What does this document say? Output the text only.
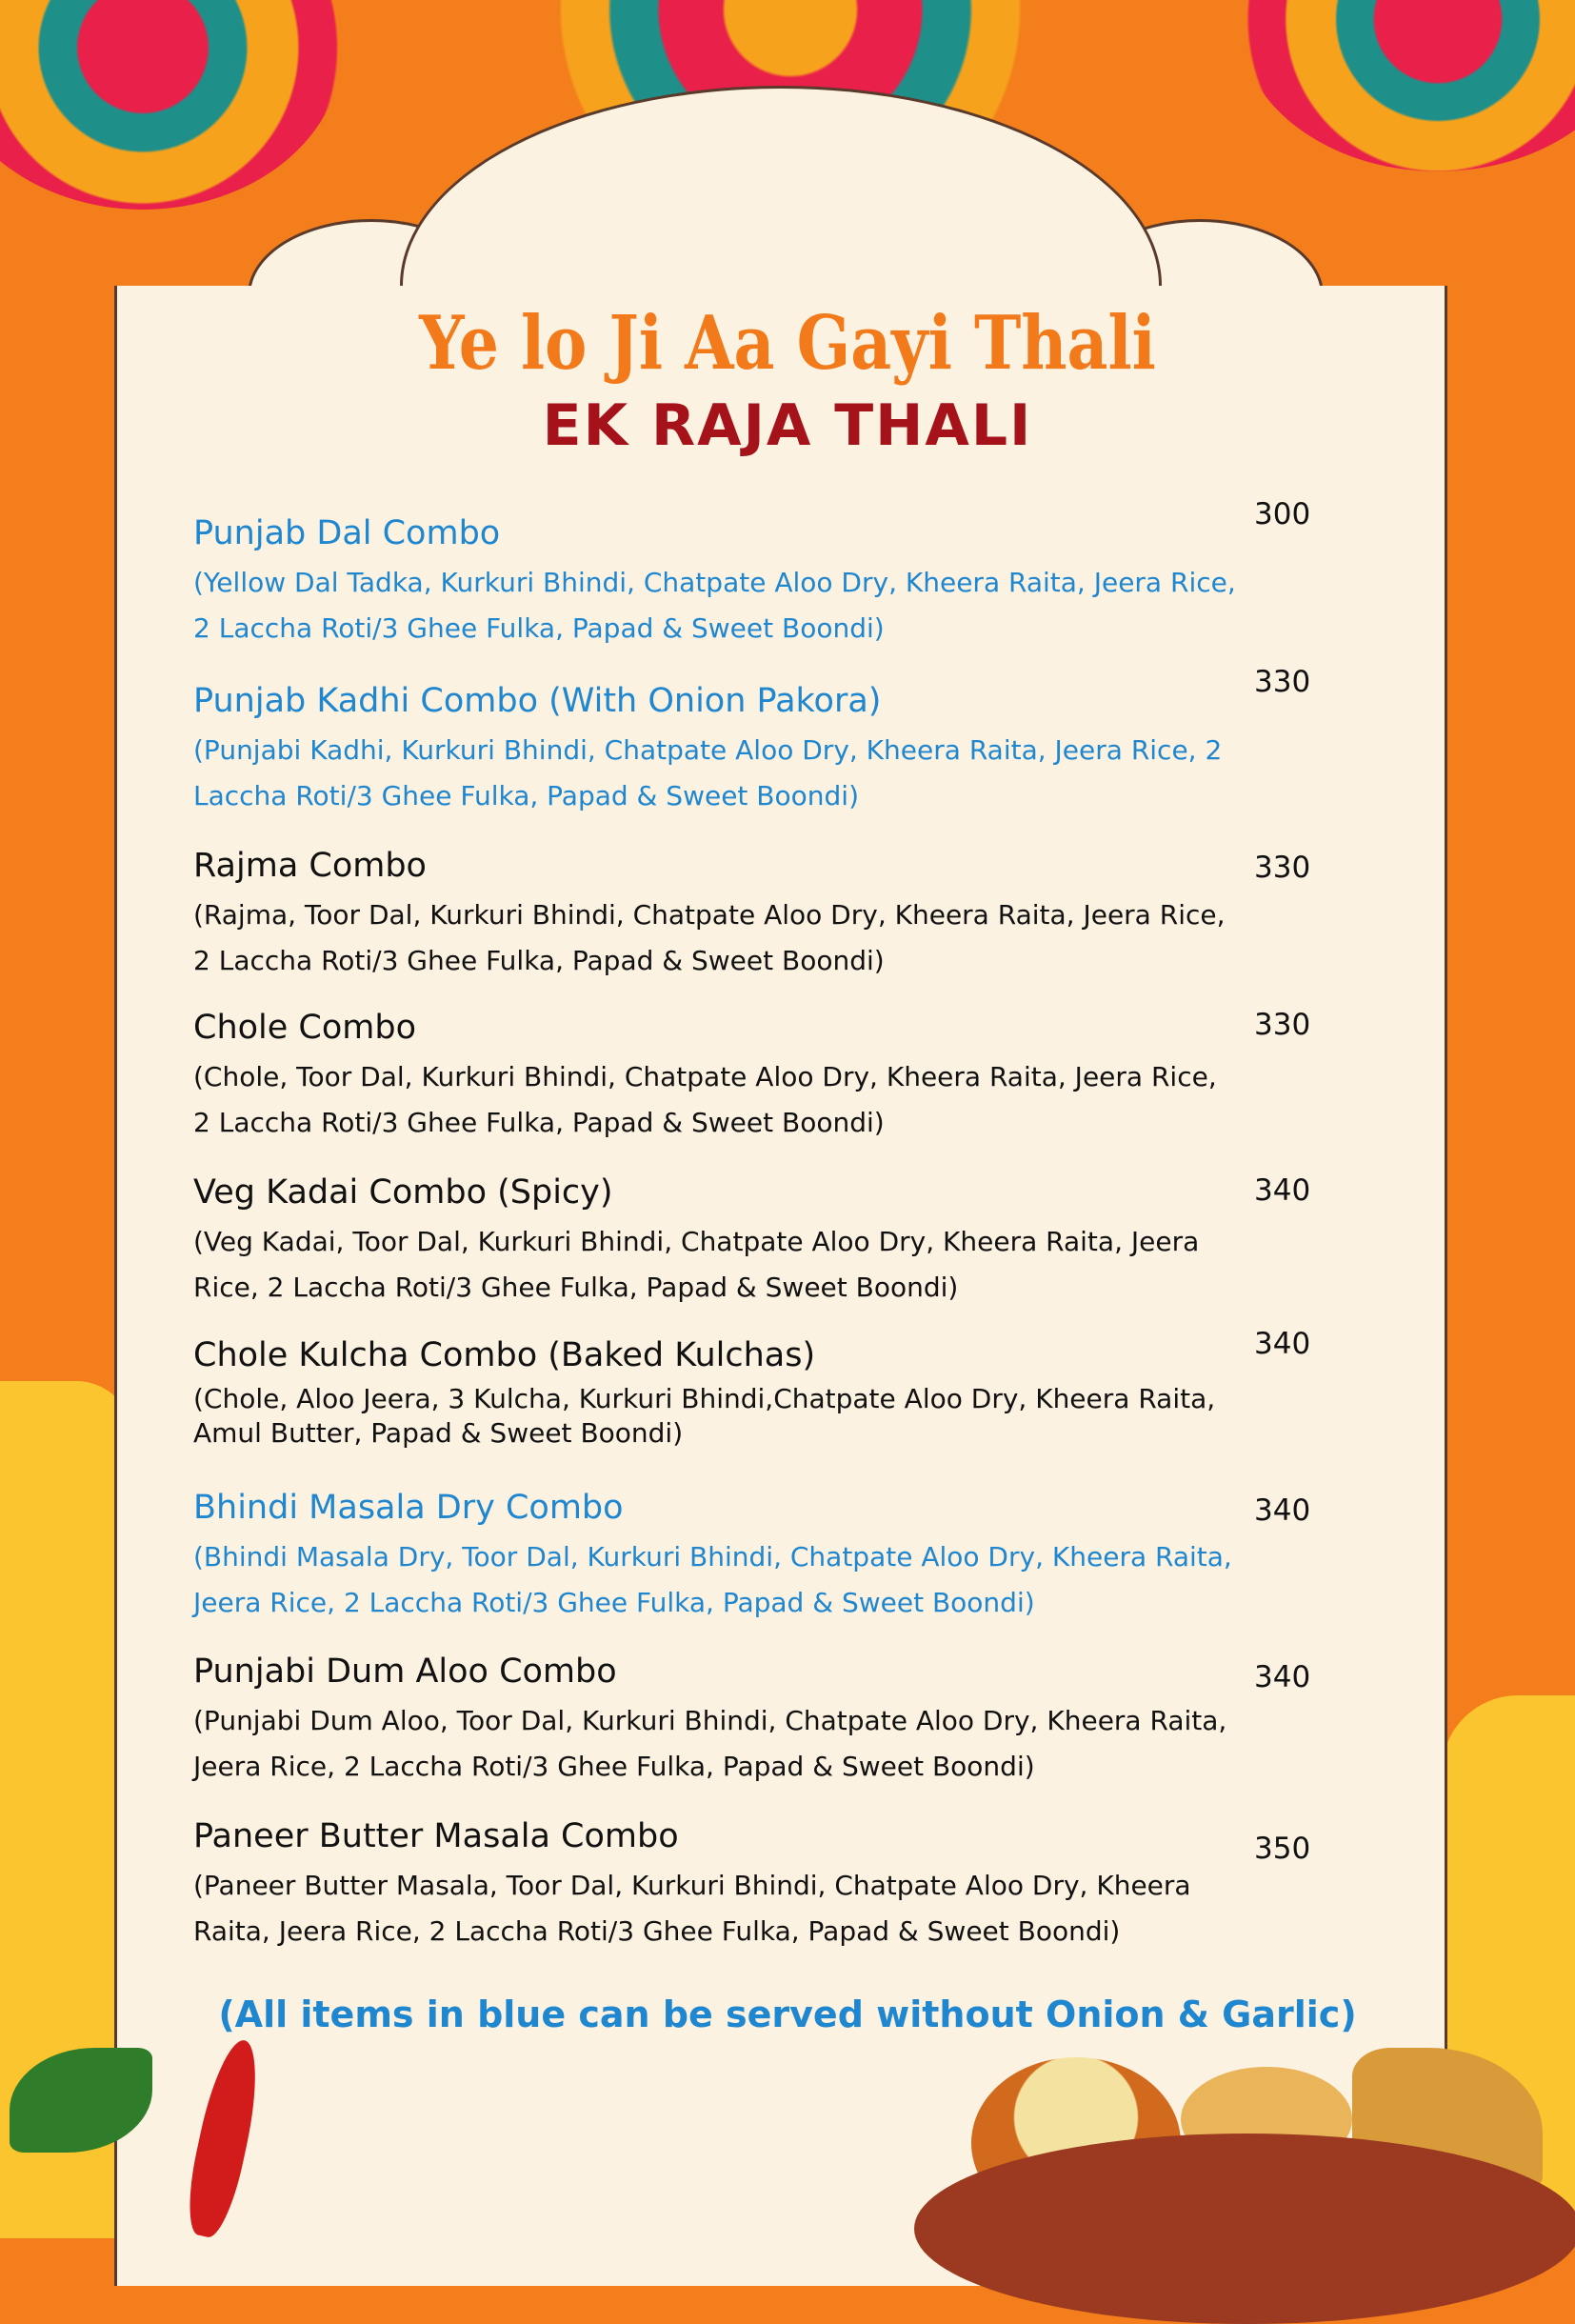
Ye lo Ji Aa Gayi Thali
EK RAJA THALI
Punjab Dal Combo
(Yellow Dal Tadka, Kurkuri Bhindi, Chatpate Aloo Dry, Kheera Raita, Jeera Rice, 2 Laccha Roti/3 Ghee Fulka, Papad & Sweet Boondi)
300
Punjab Kadhi Combo (With Onion Pakora)
(Punjabi Kadhi, Kurkuri Bhindi, Chatpate Aloo Dry, Kheera Raita, Jeera Rice, 2 Laccha Roti/3 Ghee Fulka, Papad & Sweet Boondi)
330
Rajma Combo
(Rajma, Toor Dal, Kurkuri Bhindi, Chatpate Aloo Dry, Kheera Raita, Jeera Rice, 2 Laccha Roti/3 Ghee Fulka, Papad & Sweet Boondi)
330
Chole Combo
(Chole, Toor Dal, Kurkuri Bhindi, Chatpate Aloo Dry, Kheera Raita, Jeera Rice, 2 Laccha Roti/3 Ghee Fulka, Papad & Sweet Boondi)
330
Veg Kadai Combo (Spicy)
(Veg Kadai, Toor Dal, Kurkuri Bhindi, Chatpate Aloo Dry, Kheera Raita, Jeera Rice, 2 Laccha Roti/3 Ghee Fulka, Papad & Sweet Boondi)
340
Chole Kulcha Combo (Baked Kulchas)
(Chole, Aloo Jeera, 3 Kulcha, Kurkuri Bhindi,Chatpate Aloo Dry, Kheera Raita, Amul Butter, Papad & Sweet Boondi)
340
Bhindi Masala Dry Combo
(Bhindi Masala Dry, Toor Dal, Kurkuri Bhindi, Chatpate Aloo Dry, Kheera Raita, Jeera Rice, 2 Laccha Roti/3 Ghee Fulka, Papad & Sweet Boondi)
340
Punjabi Dum Aloo Combo
(Punjabi Dum Aloo, Toor Dal, Kurkuri Bhindi, Chatpate Aloo Dry, Kheera Raita, Jeera Rice, 2 Laccha Roti/3 Ghee Fulka, Papad & Sweet Boondi)
340
Paneer Butter Masala Combo
(Paneer Butter Masala, Toor Dal, Kurkuri Bhindi, Chatpate Aloo Dry, Kheera Raita, Jeera Rice, 2 Laccha Roti/3 Ghee Fulka, Papad & Sweet Boondi)
350
(All items in blue can be served without Onion & Garlic)
